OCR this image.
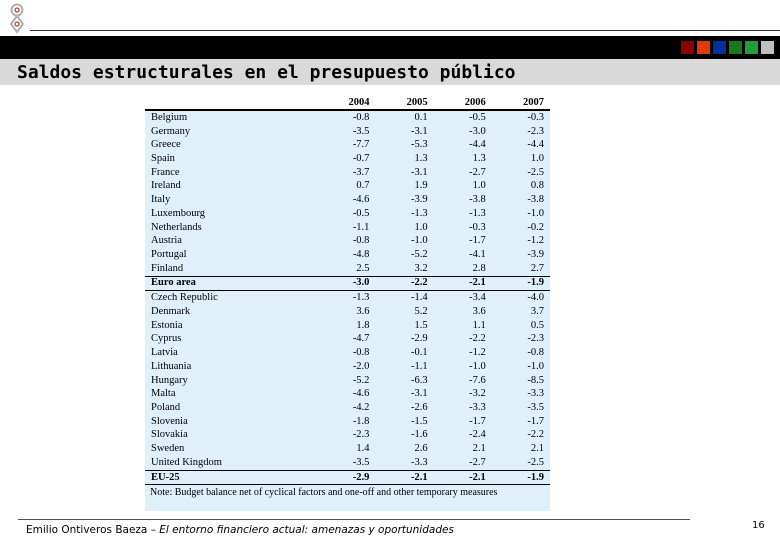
Saldos estructurales en el presupuesto público
	2004	2005	2006	2007
Belgium	-0.8	0.1	-0.5	-0.3
Germany	-3.5	-3.1	-3.0	-2.3
Greece	-7.7	-5.3	-4.4	-4.4
Spain	-0.7	1.3	1.3	1.0
France	-3.7	-3.1	-2.7	-2.5
Ireland	0.7	1.9	1.0	0.8
Italy	-4.6	-3.9	-3.8	-3.8
Luxembourg	-0.5	-1.3	-1.3	-1.0
Netherlands	-1.1	1.0	-0.3	-0.2
Austria	-0.8	-1.0	-1.7	-1.2
Portugal	-4.8	-5.2	-4.1	-3.9
Finland	2.5	3.2	2.8	2.7
Euro area	-3.0	-2.2	-2.1	-1.9
Czech Republic	-1.3	-1.4	-3.4	-4.0
Denmark	3.6	5.2	3.6	3.7
Estonia	1.8	1.5	1.1	0.5
Cyprus	-4.7	-2.9	-2.2	-2.3
Latvia	-0.8	-0.1	-1.2	-0.8
Lithuania	-2.0	-1.1	-1.0	-1.0
Hungary	-5.2	-6.3	-7.6	-8.5
Malta	-4.6	-3.1	-3.2	-3.3
Poland	-4.2	-2.6	-3.3	-3.5
Slovenia	-1.8	-1.5	-1.7	-1.7
Slovakia	-2.3	-1.6	-2.4	-2.2
Sweden	1.4	2.6	2.1	2.1
United Kingdom	-3.5	-3.3	-2.7	-2.5
EU-25	-2.9	-2.1	-2.1	-1.9
Note: Budget balance net of cyclical factors and one-off and other temporary measures
Emilio Ontiveros Baeza – El entorno financiero actual: amenazas y oportunidades	16
